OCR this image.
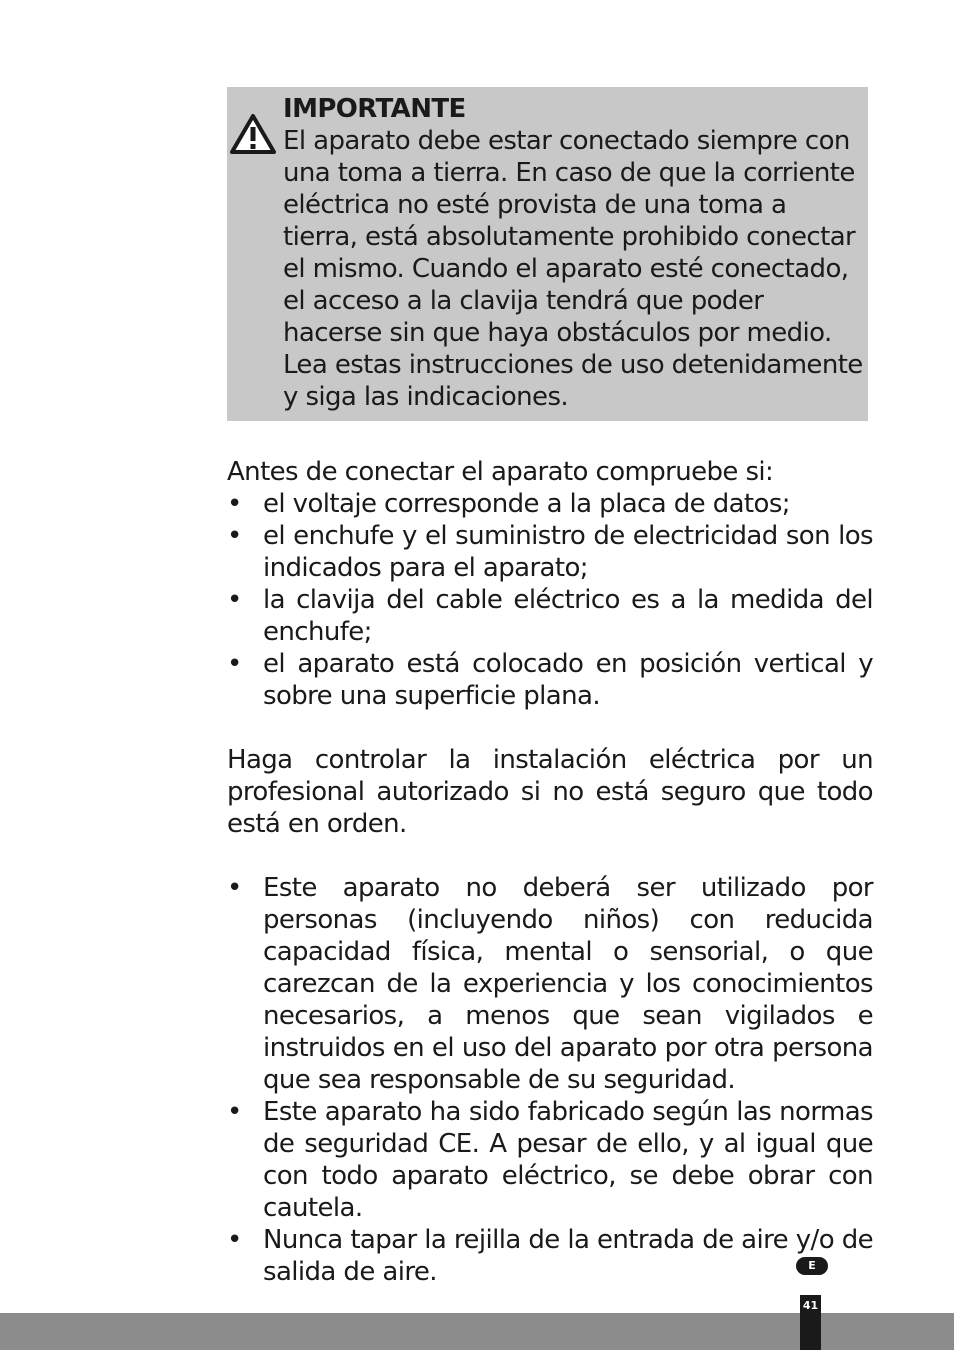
IMPORTANTE
El aparato debe estar conectado siempre con una toma a tierra. En caso de que la corriente eléctrica no esté provista de una toma a tierra, está absolutamente prohibido conectar el mismo. Cuando el aparato esté conectado, el acceso a la clavija tendrá que poder hacerse sin que haya obstáculos por medio. Lea estas instrucciones de uso detenidamente y siga las indicaciones.

Antes de conectar el aparato compruebe si:

• el voltaje corresponde a la placa de datos;
• el enchufe y el suministro de electricidad son los indicados para el aparato;
• la clavija del cable eléctrico es a la medida del enchufe;
• el aparato está colocado en posición vertical y sobre una superficie plana.

Haga controlar la instalación eléctrica por un profesional autorizado si no está seguro que todo está en orden.

• Este aparato no deberá ser utilizado por personas (incluyendo niños) con reducida capacidad física, mental o sensorial, o que carezcan de la experiencia y los conocimientos necesarios, a menos que sean vigilados e instruidos en el uso del aparato por otra persona que sea responsable de su seguridad.
• Este aparato ha sido fabricado según las normas de seguridad CE. A pesar de ello, y al igual que con todo aparato eléctrico, se debe obrar con cautela.
• Nunca tapar la rejilla de la entrada de aire y/o de salida de aire.	E
41
